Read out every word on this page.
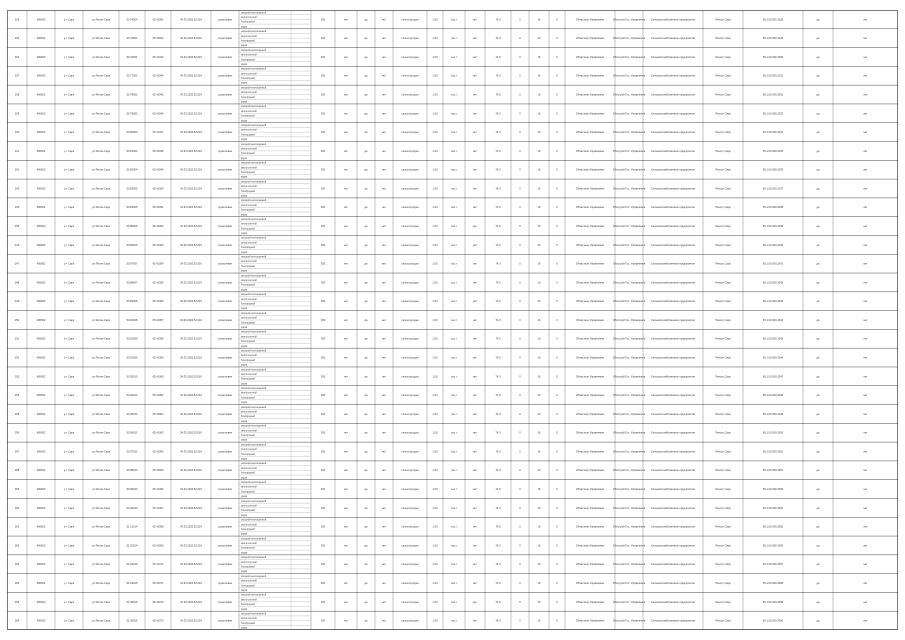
226	406602	у-т Сарк	ул.Ялтин-Сарк	50.74004	65.41041	34.33.2020.52.019	отраслевая
овощной-неочищенный
многоголетний
благородный
рядки
300	нет	да	нет	сельхозугодья	1,00	тыс.т	нет	74,0	0	16	0	Областное Управление	Облстрой Гос. Управления Сельскохозяйственное предприятие	Реестр Сарк	65.1.00.000.2028	да	нет
233	406602	у-т Сарк	ул.Ялтин-Сарк	50.75001	65.41042	34.33.2020.52.019	отраслевая
овощной-неочищенный
многоголетний
благородный
рядки
300	нет	да	нет	сельхозугодья	1,00	тыс.т	нет	74,0	0	16	0	Областное Управление	Облстрой Гос. Управления Сельскохозяйственное предприятие	Реестр Сарк	65.1.00.000.2029	да	нет
234	406602	у-т Сарк	ул.Ялтин-Сарк	50.76001	65.41043	34.33.2020.52.019	отраслевая
овощной-неочищенный
многоголетний
благородный
рядки
300	нет	да	нет	сельхозугодья	1,00	тыс.т	нет	74,0	0	16	0	Областное Управление	Облстрой Гос. Управления Сельскохозяйственное предприятие	Реестр Сарк	65.1.00.000.2030	да	нет
237	406602	у-т Сарк	ул.Ялтин-Сарк	50.77002	65.41044	34.33.2020.52.019	отраслевая
овощной-неочищенный
многоголетний
благородный
рядки
300	нет	да	нет	сельхозугодья	1,00	тыс.т	нет	74,0	0	16	0	Областное Управление	Облстрой Гос. Управления Сельскохозяйственное предприятие	Реестр Сарк	65.1.00.000.2031	да	нет
238	406602	у-т Сарк	ул.Ялтин-Сарк	50.78002	65.41045	34.33.2020.52.019	отраслевая
овощной-неочищенный
многоголетний
благородный
рядки
300	нет	да	нет	сельхозугодья	1,00	тыс.т	нет	74,0	0	16	0	Областное Управление	Облстрой Гос. Управления Сельскохозяйственное предприятие	Реестр Сарк	65.1.00.000.2032	да	нет
239	406602	у-т Сарк	ул.Ялтин-Сарк	50.79003	65.41046	34.33.2020.52.019	отраслевая
овощной-неочищенный
многоголетний
благородный
рядки
300	нет	да	нет	сельхозугодья	1,00	тыс.т	нет	74,0	0	16	0	Областное Управление	Облстрой Гос. Управления Сельскохозяйственное предприятие	Реестр Сарк	65.1.00.000.2033	да	нет
240	406602	у-т Сарк	ул.Ялтин-Сарк	50.80003	65.41047	34.33.2020.52.019	отраслевая
овощной-неочищенный
многоголетний
благородный
рядки
300	нет	да	нет	сельхозугодья	1,00	тыс.т	нет	74,0	0	16	0	Областное Управление	Облстрой Гос. Управления Сельскохозяйственное предприятие	Реестр Сарк	65.1.00.000.2034	да	нет
241	406602	у-т Сарк	ул.Ялтин-Сарк	50.81004	65.41048	34.33.2020.52.019	отраслевая
овощной-неочищенный
многоголетний
благородный
рядки
300	нет	да	нет	сельхозугодья	1,00	тыс.т	нет	74,0	0	16	0	Областное Управление	Облстрой Гос. Управления Сельскохозяйственное предприятие	Реестр Сарк	65.1.00.000.2035	да	нет
242	406602	у-т Сарк	ул.Ялтин-Сарк	50.82004	65.41049	34.33.2020.52.019	отраслевая
овощной-неочищенный
многоголетний
благородный
рядки
300	нет	да	нет	сельхозугодья	1,00	тыс.т	нет	74,0	0	16	0	Областное Управление	Облстрой Гос. Управления Сельскохозяйственное предприятие	Реестр Сарк	65.1.00.000.2036	да	нет
243	406602	у-т Сарк	ул.Ялтин-Сарк	50.83005	65.41050	34.33.2020.52.019	отраслевая
овощной-неочищенный
многоголетний
благородный
рядки
300	нет	да	нет	сельхозугодья	1,00	тыс.т	нет	74,0	0	16	0	Областное Управление	Облстрой Гос. Управления Сельскохозяйственное предприятие	Реестр Сарк	65.1.00.000.2037	да	нет
244	406602	у-т Сарк	ул.Ялтин-Сарк	50.84005	65.41051	34.33.2020.52.019	отраслевая
овощной-неочищенный
многоголетний
благородный
рядки
300	нет	да	нет	сельхозугодья	1,00	тыс.т	нет	74,0	0	16	0	Областное Управление	Облстрой Гос. Управления Сельскохозяйственное предприятие	Реестр Сарк	65.1.00.000.2038	да	нет
245	406602	у-т Сарк	ул.Ялтин-Сарк	50.85006	65.41052	34.33.2020.52.019	отраслевая
овощной-неочищенный
многоголетний
благородный
рядки
300	нет	да	нет	сельхозугодья	1,00	тыс.т	нет	74,0	0	16	0	Областное Управление	Облстрой Гос. Управления Сельскохозяйственное предприятие	Реестр Сарк	65.1.00.000.2039	да	нет
246	406602	у-т Сарк	ул.Ялтин-Сарк	50.86006	65.41053	34.33.2020.52.019	отраслевая
овощной-неочищенный
многоголетний
благородный
рядки
300	нет	да	нет	сельхозугодья	1,00	тыс.т	нет	74,0	0	16	0	Областное Управление	Облстрой Гос. Управления Сельскохозяйственное предприятие	Реестр Сарк	65.1.00.000.2040	да	нет
247	406602	у-т Сарк	ул.Ялтин-Сарк	50.87007	65.41054	34.33.2020.52.019	отраслевая
овощной-неочищенный
многоголетний
благородный
рядки
300	нет	да	нет	сельхозугодья	1,00	тыс.т	нет	74,0	0	16	0	Областное Управление	Облстрой Гос. Управления Сельскохозяйственное предприятие	Реестр Сарк	65.1.00.000.2041	да	нет
248	406602	у-т Сарк	ул.Ялтин-Сарк	50.88007	65.41055	34.33.2020.52.019	отраслевая
овощной-неочищенный
многоголетний
благородный
рядки
300	нет	да	нет	сельхозугодья	1,00	тыс.т	нет	74,0	0	16	0	Областное Управление	Облстрой Гос. Управления Сельскохозяйственное предприятие	Реестр Сарк	65.1.00.000.2042	да	нет
249	406602	у-т Сарк	ул.Ялтин-Сарк	50.89008	65.41056	34.33.2020.52.019	отраслевая
овощной-неочищенный
многоголетний
благородный
рядки
300	нет	да	нет	сельхозугодья	1,00	тыс.т	нет	74,0	0	16	0	Областное Управление	Облстрой Гос. Управления Сельскохозяйственное предприятие	Реестр Сарк	65.1.00.000.2043	да	нет
250	406602	у-т Сарк	ул.Ялтин-Сарк	50.90008	65.41057	34.33.2020.52.019	отраслевая
овощной-неочищенный
многоголетний
благородный
рядки
300	нет	да	нет	сельхозугодья	1,00	тыс.т	нет	74,0	0	16	0	Областное Управление	Облстрой Гос. Управления Сельскохозяйственное предприятие	Реестр Сарк	65.1.00.000.2044	да	нет
251	406602	у-т Сарк	ул.Ялтин-Сарк	50.91009	65.41058	34.33.2020.52.019	отраслевая
овощной-неочищенный
многоголетний
благородный
рядки
300	нет	да	нет	сельхозугодья	1,00	тыс.т	нет	74,0	0	16	0	Областное Управление	Облстрой Гос. Управления Сельскохозяйственное предприятие	Реестр Сарк	65.1.00.000.2045	да	нет
252	406602	у-т Сарк	ул.Ялтин-Сарк	50.92009	65.41059	34.33.2020.52.019	отраслевая
овощной-неочищенный
многоголетний
благородный
рядки
300	нет	да	нет	сельхозугодья	1,00	тыс.т	нет	74,0	0	16	0	Областное Управление	Облстрой Гос. Управления Сельскохозяйственное предприятие	Реестр Сарк	65.1.00.000.2046	да	нет
253	406602	у-т Сарк	ул.Ялтин-Сарк	50.93010	65.41060	34.33.2020.52.019	отраслевая
овощной-неочищенный
многоголетний
благородный
рядки
300	нет	да	нет	сельхозугодья	1,00	тыс.т	нет	74,0	0	16	0	Областное Управление	Облстрой Гос. Управления Сельскохозяйственное предприятие	Реестр Сарк	65.1.00.000.2047	да	нет
254	406602	у-т Сарк	ул.Ялтин-Сарк	50.94010	65.41061	34.33.2020.52.019	отраслевая
овощной-неочищенный
многоголетний
благородный
рядки
300	нет	да	нет	сельхозугодья	1,00	тыс.т	нет	74,0	0	16	0	Областное Управление	Облстрой Гос. Управления Сельскохозяйственное предприятие	Реестр Сарк	65.1.00.000.2048	да	нет
255	406602	у-т Сарк	ул.Ялтин-Сарк	50.95011	65.41062	34.33.2020.52.019	отраслевая
овощной-неочищенный
многоголетний
благородный
рядки
300	нет	да	нет	сельхозугодья	1,00	тыс.т	нет	74,0	0	16	0	Областное Управление	Облстрой Гос. Управления Сельскохозяйственное предприятие	Реестр Сарк	65.1.00.000.2049	да	нет
256	406602	у-т Сарк	ул.Ялтин-Сарк	50.96011	65.41063	34.33.2020.52.019	отраслевая
овощной-неочищенный
многоголетний
благородный
рядки
300	нет	да	нет	сельхозугодья	1,00	тыс.т	нет	74,0	0	16	0	Областное Управление	Облстрой Гос. Управления Сельскохозяйственное предприятие	Реестр Сарк	65.1.00.000.2050	да	нет
257	406602	у-т Сарк	ул.Ялтин-Сарк	50.97012	65.41064	34.33.2020.52.019	отраслевая
овощной-неочищенный
многоголетний
благородный
рядки
300	нет	да	нет	сельхозугодья	1,00	тыс.т	нет	74,0	0	16	0	Областное Управление	Облстрой Гос. Управления Сельскохозяйственное предприятие	Реестр Сарк	65.1.00.000.2051	да	нет
258	406602	у-т Сарк	ул.Ялтин-Сарк	50.98012	65.41065	34.33.2020.52.019	отраслевая
овощной-неочищенный
многоголетний
благородный
рядки
300	нет	да	нет	сельхозугодья	1,00	тыс.т	нет	74,0	0	16	0	Областное Управление	Облстрой Гос. Управления Сельскохозяйственное предприятие	Реестр Сарк	65.1.00.000.2052	да	нет
259	406602	у-т Сарк	ул.Ялтин-Сарк	50.99013	65.41066	34.33.2020.52.019	отраслевая
овощной-неочищенный
многоголетний
благородный
рядки
300	нет	да	нет	сельхозугодья	1,00	тыс.т	нет	74,0	0	16	0	Областное Управление	Облстрой Гос. Управления Сельскохозяйственное предприятие	Реестр Сарк	65.1.00.000.2053	да	нет
260	406602	у-т Сарк	ул.Ялтин-Сарк	51.00013	65.41067	34.33.2020.52.019	отраслевая
овощной-неочищенный
многоголетний
благородный
рядки
300	нет	да	нет	сельхозугодья	1,00	тыс.т	нет	74,0	0	16	0	Областное Управление	Облстрой Гос. Управления Сельскохозяйственное предприятие	Реестр Сарк	65.1.00.000.2054	да	нет
261	406602	у-т Сарк	ул.Ялтин-Сарк	51.01014	65.41068	34.33.2020.52.019	отраслевая
овощной-неочищенный
многоголетний
благородный
рядки
300	нет	да	нет	сельхозугодья	1,00	тыс.т	нет	74,0	0	16	0	Областное Управление	Облстрой Гос. Управления Сельскохозяйственное предприятие	Реестр Сарк	65.1.00.000.2055	да	нет
262	406602	у-т Сарк	ул.Ялтин-Сарк	51.02014	65.41069	34.33.2020.52.019	отраслевая
овощной-неочищенный
многоголетний
благородный
рядки
300	нет	да	нет	сельхозугодья	1,00	тыс.т	нет	74,0	0	16	0	Областное Управление	Облстрой Гос. Управления Сельскохозяйственное предприятие	Реестр Сарк	65.1.00.000.2056	да	нет
263	406602	у-т Сарк	ул.Ялтин-Сарк	51.03015	65.41070	34.33.2020.52.019	отраслевая
овощной-неочищенный
многоголетний
благородный
рядки
300	нет	да	нет	сельхозугодья	1,00	тыс.т	нет	74,0	0	16	0	Областное Управление	Облстрой Гос. Управления Сельскохозяйственное предприятие	Реестр Сарк	65.1.00.000.2057	да	нет
264	406602	у-т Сарк	ул.Ялтин-Сарк	51.04015	65.41071	34.33.2020.52.019	отраслевая
овощной-неочищенный
многоголетний
благородный
рядки
300	нет	да	нет	сельхозугодья	1,00	тыс.т	нет	74,0	0	16	0	Областное Управление	Облстрой Гос. Управления Сельскохозяйственное предприятие	Реестр Сарк	65.1.00.000.2058	да	нет
265	406602	у-т Сарк	ул.Ялтин-Сарк	51.05016	65.41072	34.33.2020.52.019	отраслевая
овощной-неочищенный
многоголетний
благородный
рядки
300	нет	да	нет	сельхозугодья	1,00	тыс.т	нет	74,0	0	16	0	Областное Управление	Облстрой Гос. Управления Сельскохозяйственное предприятие	Реестр Сарк	65.1.00.000.2059	да	нет
266	406602	у-т Сарк	ул.Ялтин-Сарк	51.06016	65.41073	34.33.2020.52.019	отраслевая
овощной-неочищенный
многоголетний
благородный
рядки
300	нет	да	нет	сельхозугодья	1,00	тыс.т	нет	74,0	0	16	0	Областное Управление	Облстрой Гос. Управления Сельскохозяйственное предприятие	Реестр Сарк	65.1.00.000.2060	да	нет
